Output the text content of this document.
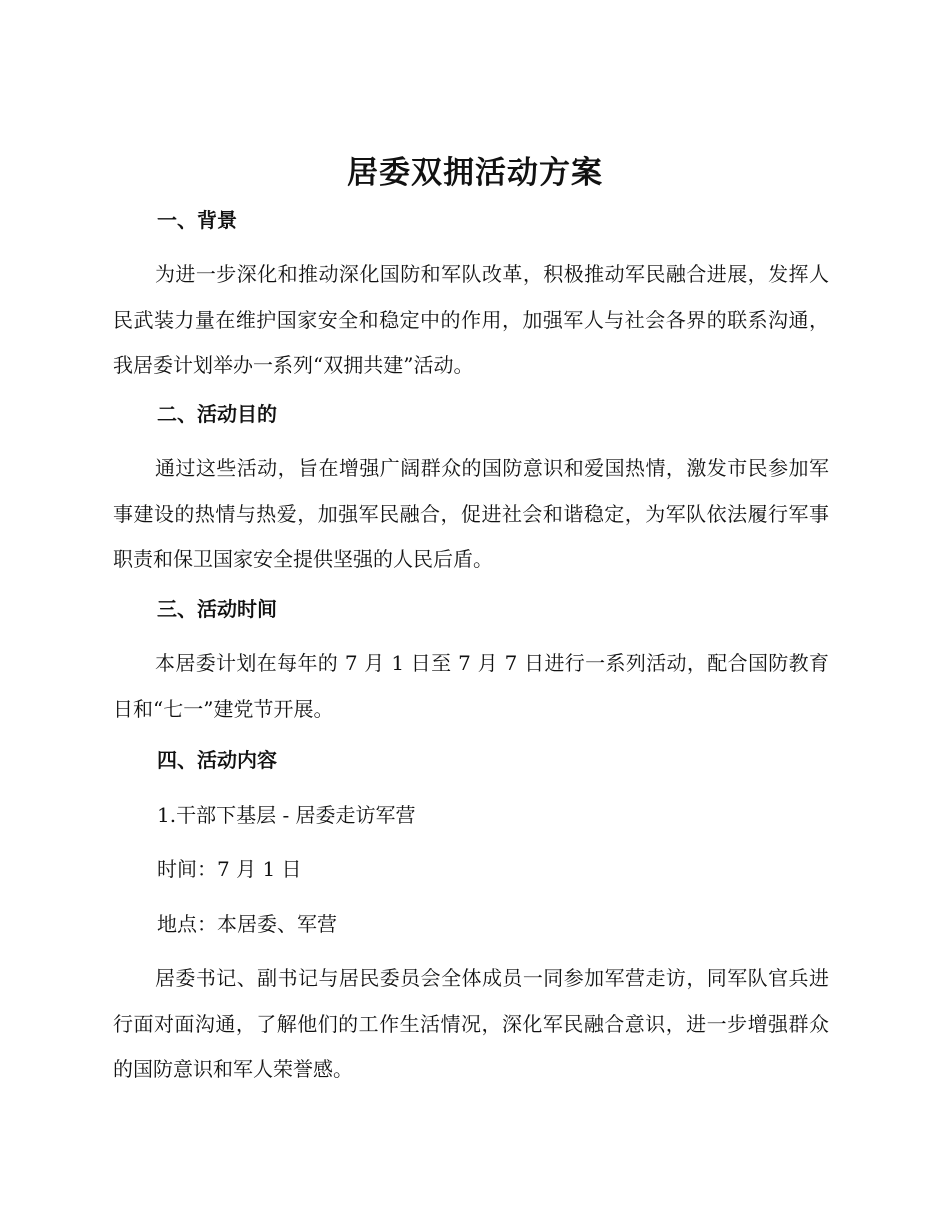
居委双拥活动方案
一、背景
为进一步深化和推动深化国防和军队改革，积极推动军民融合进展，发挥人民武装力量在维护国家安全和稳定中的作用，加强军人与社会各界的联系沟通，我居委计划举办一系列“双拥共建”活动。
二、活动目的
通过这些活动，旨在增强广阔群众的国防意识和爱国热情，激发市民参加军事建设的热情与热爱，加强军民融合，促进社会和谐稳定，为军队依法履行军事职责和保卫国家安全提供坚强的人民后盾。
三、活动时间
本居委计划在每年的 7 月 1 日至 7 月 7 日进行一系列活动，配合国防教育日和“七一”建党节开展。
四、活动内容
1.干部下基层 - 居委走访军营
时间：7 月 1 日
地点：本居委、军营
居委书记、副书记与居民委员会全体成员一同参加军营走访，同军队官兵进行面对面沟通，了解他们的工作生活情况，深化军民融合意识，进一步增强群众的国防意识和军人荣誉感。
